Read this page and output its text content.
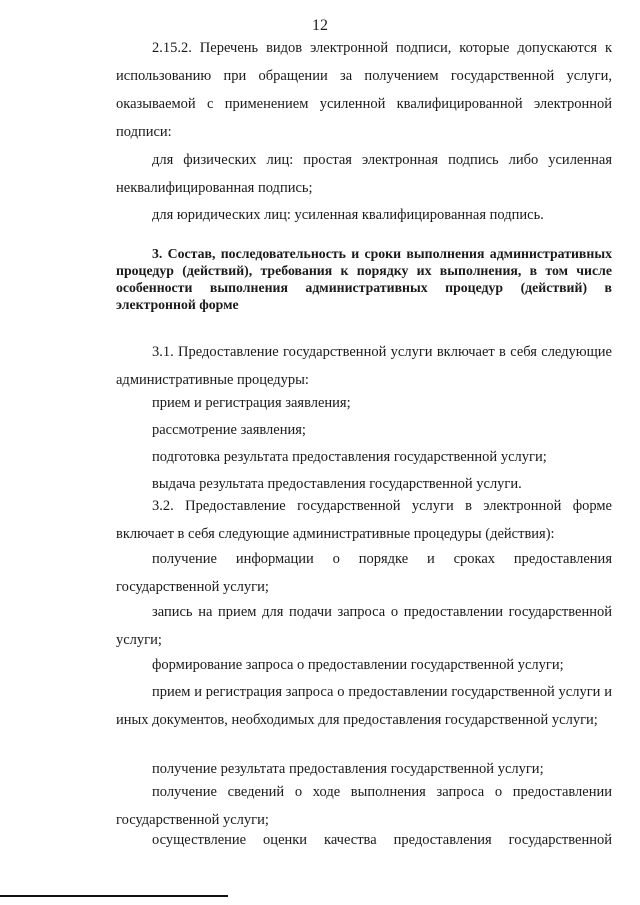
12

2.15.2. Перечень видов электронной подписи, которые допускаются к использованию при обращении за получением государственной услуги, оказываемой с применением усиленной квалифицированной электронной подписи:

для физических лиц: простая электронная подпись либо усиленная неквалифицированная подпись;

для юридических лиц: усиленная квалифицированная подпись.

3. Состав, последовательность и сроки выполнения административных процедур (действий), требования к порядку их выполнения, в том числе особенности выполнения административных процедур (действий) в электронной форме

3.1. Предоставление государственной услуги включает в себя следующие административные процедуры:

прием и регистрация заявления;
рассмотрение заявления;
подготовка результата предоставления государственной услуги;
выдача результата предоставления государственной услуги.

3.2. Предоставление государственной услуги в электронной форме включает в себя следующие административные процедуры (действия):

получение информации о порядке и сроках предоставления государственной услуги;

запись на прием для подачи запроса о предоставлении государственной услуги;

формирование запроса о предоставлении государственной услуги;

прием и регистрация запроса о предоставлении государственной услуги и иных документов, необходимых для предоставления государственной услуги;

получение результата предоставления государственной услуги;

получение сведений о ходе выполнения запроса о предоставлении государственной услуги;

осуществление оценки качества предоставления государственной
